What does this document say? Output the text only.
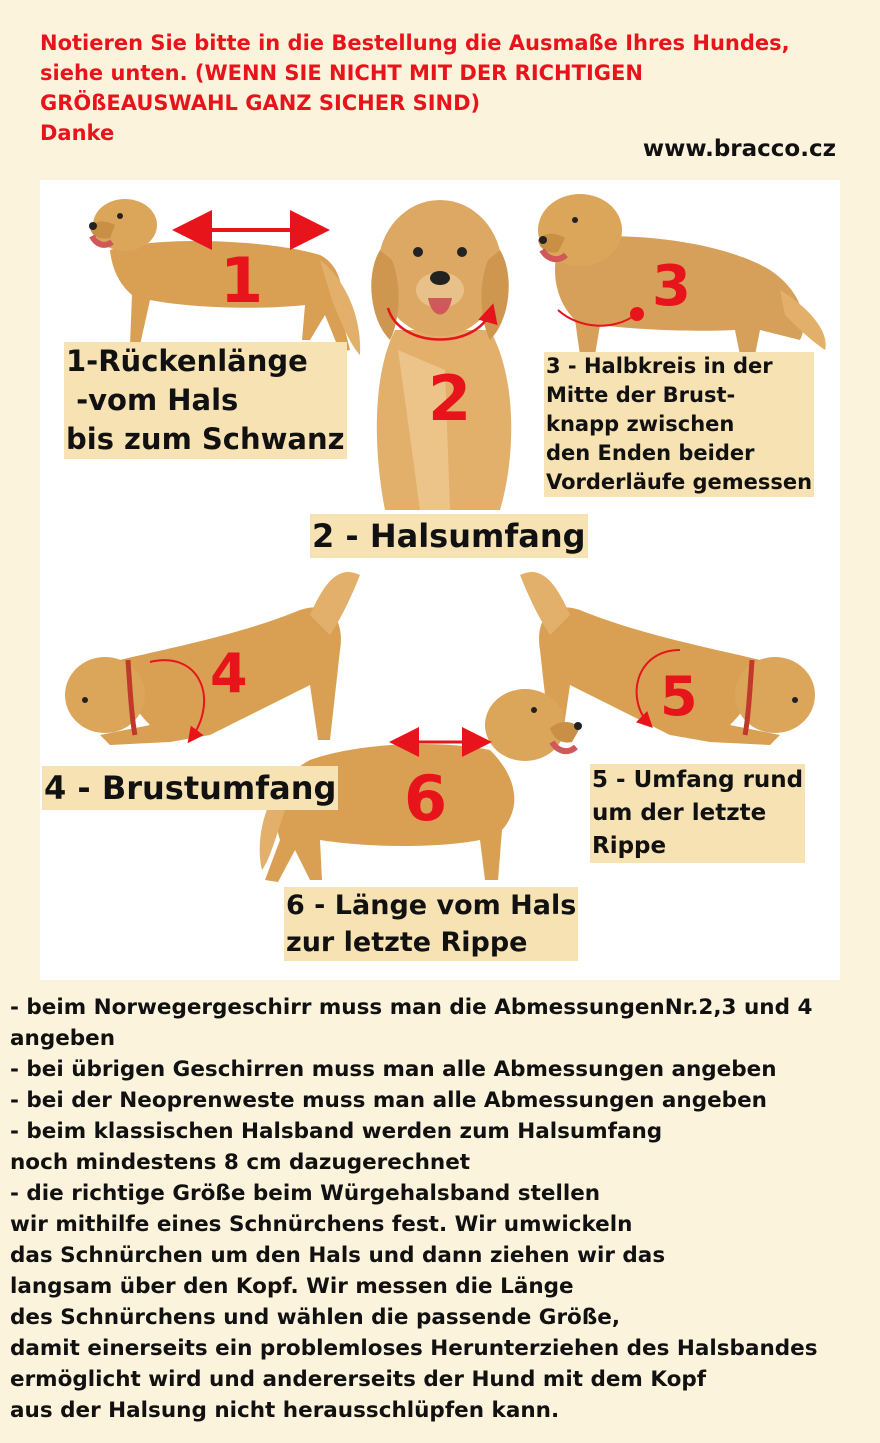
Notieren Sie bitte in die Bestellung die Ausmaße Ihres Hundes,
siehe unten. (WENN SIE NICHT MIT DER RICHTIGEN
GRÖßEAUSWAHL GANZ SICHER SIND)
Danke
www.bracco.cz
1
2
3
4	5
6
1-Rückenlänge
-vom Hals
bis zum Schwanz
2 - Halsumfang
3 - Halbkreis in der
Mitte der Brust-
knapp zwischen
den Enden beider
Vorderläufe gemessen
4 - Brustumfang	5 - Umfang rund
um der letzte
Rippe
6 - Länge vom Hals
zur letzte Rippe
- beim Norwegergeschirr muss man die AbmessungenNr.2,3 und 4
angeben
- bei übrigen Geschirren muss man alle Abmessungen angeben
- bei der Neoprenweste muss man alle Abmessungen angeben
- beim klassischen Halsband werden zum Halsumfang
noch mindestens 8 cm dazugerechnet
- die richtige Größe beim Würgehalsband stellen
wir mithilfe eines Schnürchens fest. Wir umwickeln
das Schnürchen um den Hals und dann ziehen wir das
langsam über den Kopf. Wir messen die Länge
des Schnürchens und wählen die passende Größe,
damit einerseits ein problemloses Herunterziehen des Halsbandes
ermöglicht wird und andererseits der Hund mit dem Kopf
aus der Halsung nicht herausschlüpfen kann.
